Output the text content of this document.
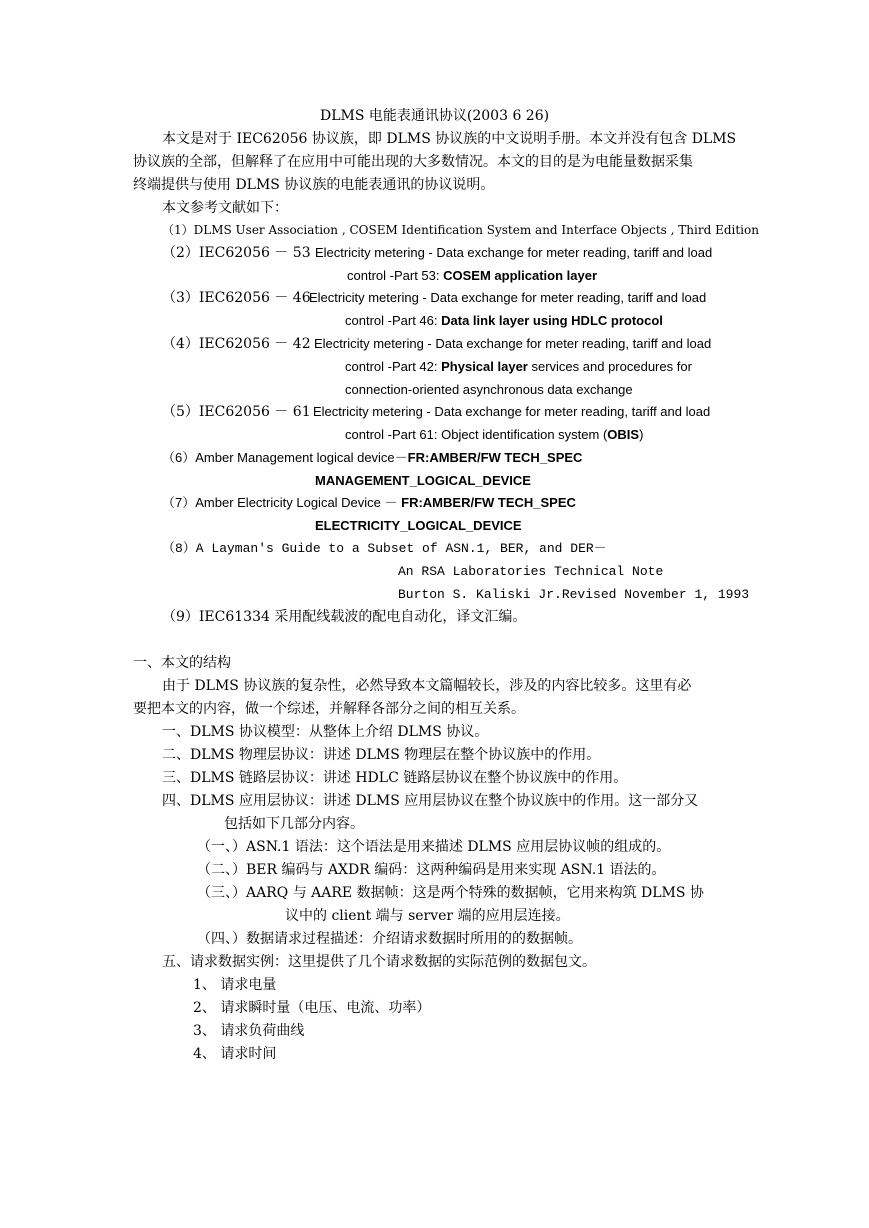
DLMS 电能表通讯协议(2003 6 26)
本文是对于 IEC62056 协议族，即 DLMS 协议族的中文说明手册。本文并没有包含 DLMS
协议族的全部，但解释了在应用中可能出现的大多数情况。本文的目的是为电能量数据采集
终端提供与使用 DLMS 协议族的电能表通讯的协议说明。
本文参考文献如下：
（1）DLMS User Association , COSEM Identification System and Interface Objects , Third Edition
（2）IEC62056 － 53 Electricity metering - Data exchange for meter reading, tariff and load
control -Part 53: COSEM application layer
（3）IEC62056 － 46
Electricity metering - Data exchange for meter reading, tariff and load
control -Part 46: Data link layer using HDLC protocol
（4）IEC62056 － 42 Electricity metering - Data exchange for meter reading, tariff and load
control -Part 42: Physical layer services and procedures for
connection-oriented asynchronous data exchange
（5）IEC62056 － 61 Electricity metering - Data exchange for meter reading, tariff and load
control -Part 61: Object identification system (OBIS)
（6）Amber Management logical device－FR:AMBER/FW TECH_SPEC
MANAGEMENT_LOGICAL_DEVICE
（7）Amber Electricity Logical Device － FR:AMBER/FW TECH_SPEC
ELECTRICITY_LOGICAL_DEVICE
（8）A Layman's Guide to a Subset of ASN.1, BER, and DER－
An RSA Laboratories Technical Note
Burton S. Kaliski Jr.Revised November 1, 1993
（9）IEC61334 采用配线载波的配电自动化，译文汇编。
一、本文的结构
由于 DLMS 协议族的复杂性，必然导致本文篇幅较长，涉及的内容比较多。这里有必
要把本文的内容，做一个综述，并解释各部分之间的相互关系。
一、DLMS 协议模型：从整体上介绍 DLMS 协议。
二、DLMS 物理层协议：讲述 DLMS 物理层在整个协议族中的作用。
三、DLMS 链路层协议：讲述 HDLC 链路层协议在整个协议族中的作用。
四、DLMS 应用层协议：讲述 DLMS 应用层协议在整个协议族中的作用。这一部分又
包括如下几部分内容。
（一、）ASN.1 语法：这个语法是用来描述 DLMS 应用层协议帧的组成的。
（二、）BER 编码与 AXDR 编码：这两种编码是用来实现 ASN.1 语法的。
（三、）AARQ 与 AARE 数据帧：这是两个特殊的数据帧，它用来构筑 DLMS 协
议中的 client 端与 server 端的应用层连接。
（四、）数据请求过程描述：介绍请求数据时所用的的数据帧。
五、请求数据实例：这里提供了几个请求数据的实际范例的数据包文。
1、 请求电量
2、 请求瞬时量（电压、电流、功率）
3、 请求负荷曲线
4、 请求时间
